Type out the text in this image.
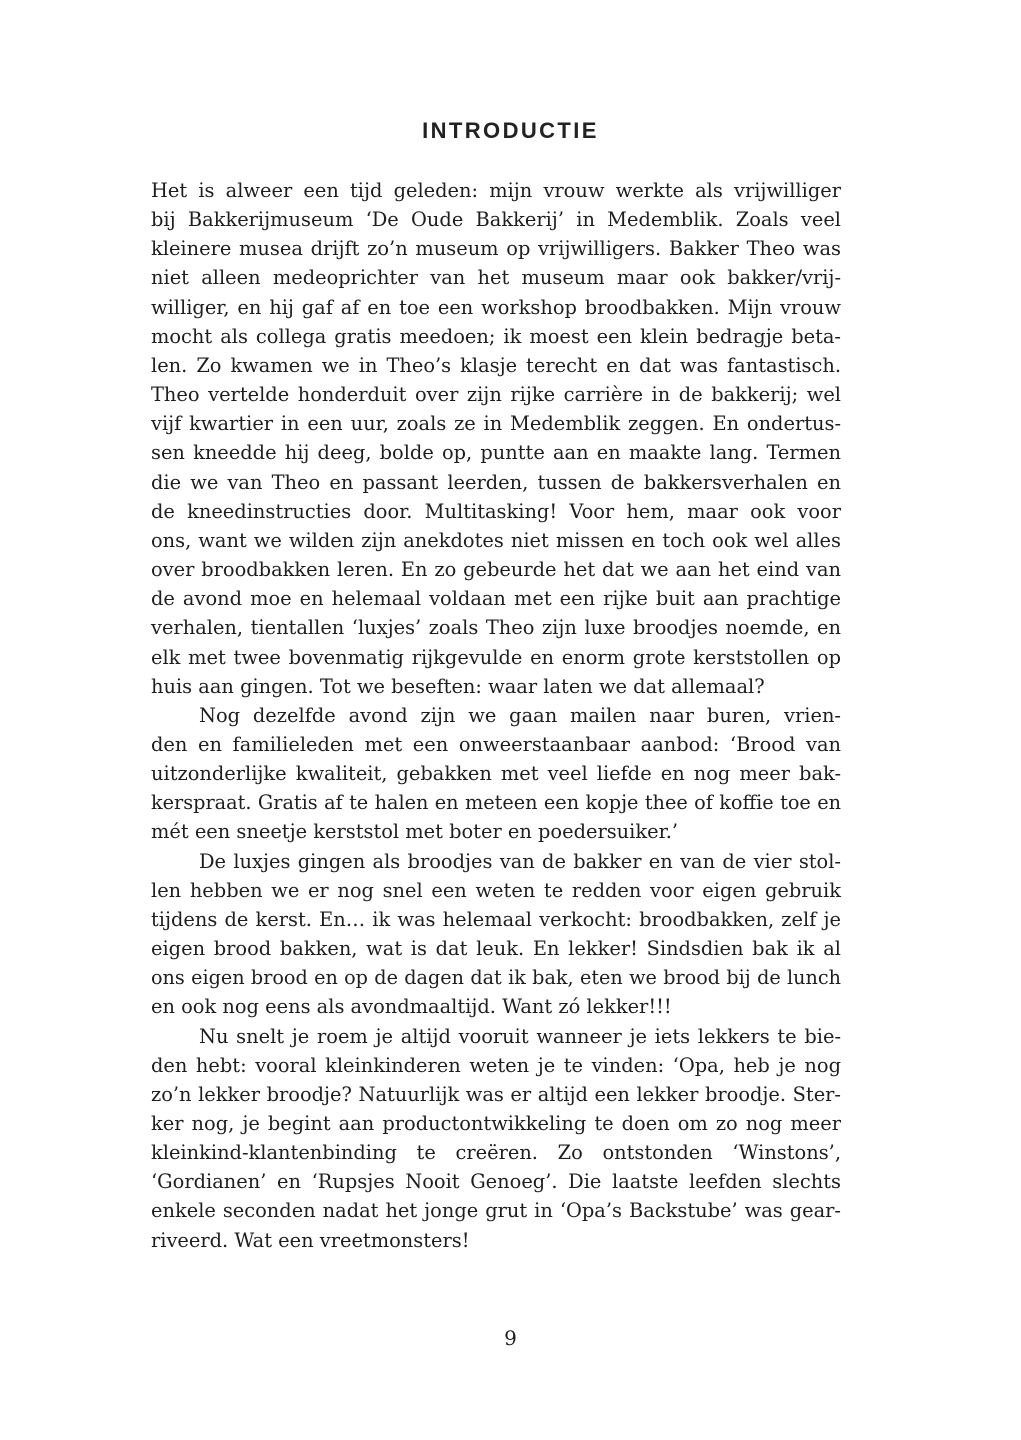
INTRODUCTIE
Het is alweer een tijd geleden: mijn vrouw werkte als vrijwilliger
bij Bakkerijmuseum ‘De Oude Bakkerij’ in Medemblik. Zoals veel
kleinere musea drijft zo’n museum op vrijwilligers. Bakker Theo was
niet alleen medeoprichter van het museum maar ook bakker/vrij-
williger, en hij gaf af en toe een workshop broodbakken. Mijn vrouw
mocht als collega gratis meedoen; ik moest een klein bedragje beta-
len. Zo kwamen we in Theo’s klasje terecht en dat was fantastisch.
Theo vertelde honderduit over zijn rijke carrière in de bakkerij; wel
vijf kwartier in een uur, zoals ze in Medemblik zeggen. En ondertus-
sen kneedde hij deeg, bolde op, puntte aan en maakte lang. Termen
die we van Theo en passant leerden, tussen de bakkersverhalen en
de kneedinstructies door. Multitasking! Voor hem, maar ook voor
ons, want we wilden zijn anekdotes niet missen en toch ook wel alles
over broodbakken leren. En zo gebeurde het dat we aan het eind van
de avond moe en helemaal voldaan met een rijke buit aan prachtige
verhalen, tientallen ‘luxjes’ zoals Theo zijn luxe broodjes noemde, en
elk met twee bovenmatig rijkgevulde en enorm grote kerststollen op
huis aan gingen. Tot we beseften: waar laten we dat allemaal?
Nog dezelfde avond zijn we gaan mailen naar buren, vrien-
den en familieleden met een onweerstaanbaar aanbod: ‘Brood van
uitzonderlijke kwaliteit, gebakken met veel liefde en nog meer bak-
kerspraat. Gratis af te halen en meteen een kopje thee of koffie toe en
mét een sneetje kerststol met boter en poedersuiker.’
De luxjes gingen als broodjes van de bakker en van de vier stol-
len hebben we er nog snel een weten te redden voor eigen gebruik
tijdens de kerst. En… ik was helemaal verkocht: broodbakken, zelf je
eigen brood bakken, wat is dat leuk. En lekker! Sindsdien bak ik al
ons eigen brood en op de dagen dat ik bak, eten we brood bij de lunch
en ook nog eens als avondmaaltijd. Want zó lekker!!!
Nu snelt je roem je altijd vooruit wanneer je iets lekkers te bie-
den hebt: vooral kleinkinderen weten je te vinden: ‘Opa, heb je nog
zo’n lekker broodje? Natuurlijk was er altijd een lekker broodje. Ster-
ker nog, je begint aan productontwikkeling te doen om zo nog meer
kleinkind-klantenbinding te creëren. Zo ontstonden ‘Winstons’,
‘Gordianen’ en ‘Rupsjes Nooit Genoeg’. Die laatste leefden slechts
enkele seconden nadat het jonge grut in ‘Opa’s Backstube’ was gear-
riveerd. Wat een vreetmonsters!
9
